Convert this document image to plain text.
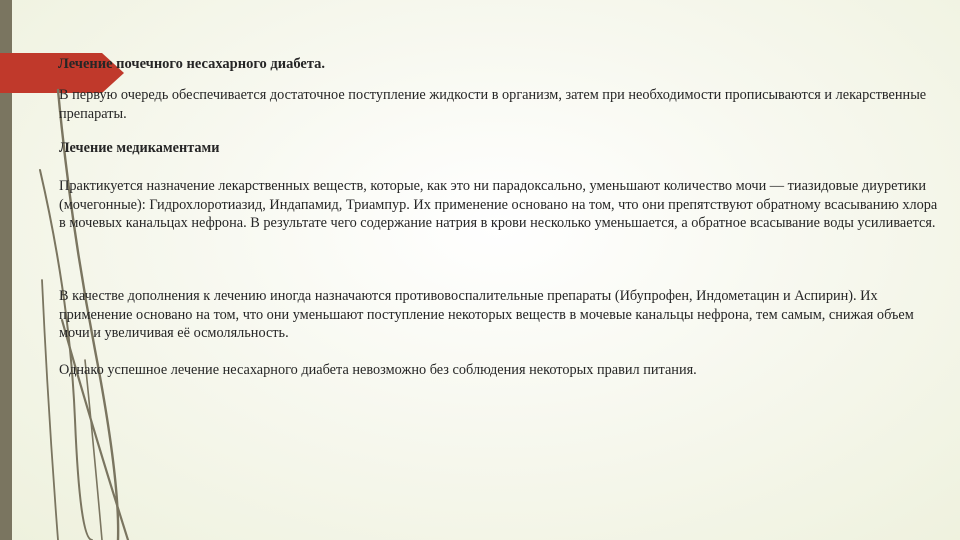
Лечение почечного несахарного диабета.
В первую очередь обеспечивается достаточное поступление жидкости в организм, затем при необходимости прописываются и лекарственные препараты.
Лечение медикаментами
Практикуется назначение лекарственных веществ, которые, как это ни парадоксально, уменьшают количество мочи — тиазидовые диуретики (мочегонные): Гидрохлоротиазид, Индапамид, Триампур. Их применение основано на том, что они препятствуют обратному всасыванию хлора в мочевых канальцах нефрона. В результате чего содержание натрия в крови несколько уменьшается, а обратное всасывание воды усиливается.
В качестве дополнения к лечению иногда назначаются противовоспалительные препараты (Ибупрофен, Индометацин и Аспирин). Их применение основано на том, что они уменьшают поступление некоторых веществ в мочевые канальцы нефрона, тем самым, снижая объем мочи и увеличивая её осмоляльность.
Однако успешное лечение несахарного диабета невозможно без соблюдения некоторых правил питания.
